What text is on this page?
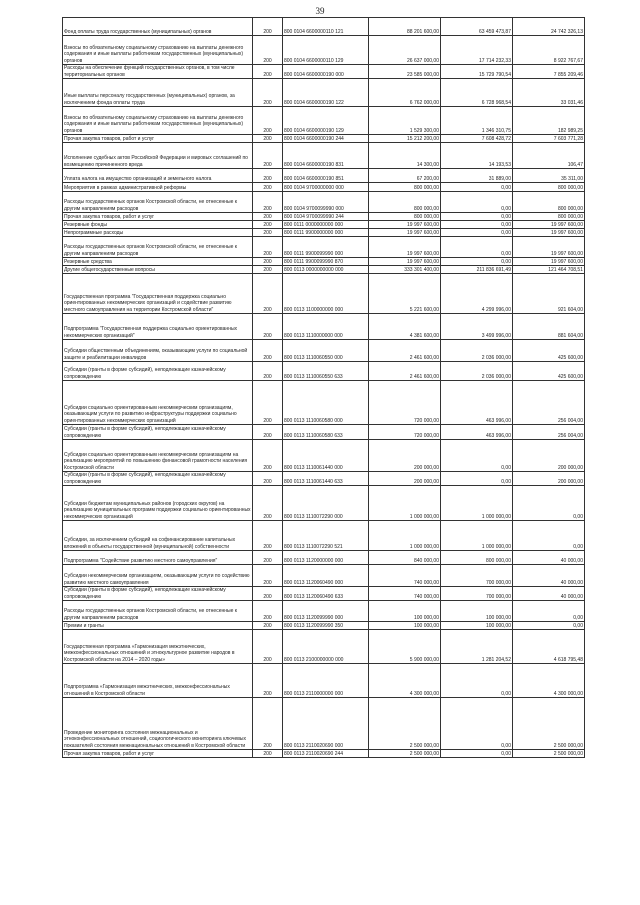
39
Фонд оплаты труда государственных (муниципальных) органов	200	800 0104 6600000110 121	88 201 600,00	63 459 473,87	24 742 326,13
Взносы по обязательному социальному страхованию на выплаты денежного содержания и иные выплаты работникам государственных (муниципальных) органов	200	800 0104 6600000110 129	26 637 000,00	17 714 232,33	8 922 767,67
Расходы на обеспечение функций государственных органов, в том числе территориальных органов	200	800 0104 6600000190 000	23 585 000,00	15 729 790,54	7 855 209,46
Иные выплаты персоналу государственных (муниципальных) органов, за исключением фонда оплаты труда	200	800 0104 6600000190 122	6 762 000,00	6 728 968,54	33 031,46
Взносы по обязательному социальному страхованию на выплаты денежного содержания и иные выплаты работникам государственных (муниципальных) органов	200	800 0104 6600000190 129	1 529 300,00	1 346 310,75	182 989,25
Прочая закупка товаров, работ и услуг	200	800 0104 6600000190 244	15 212 200,00	7 608 428,72	7 603 771,28
Исполнение судебных актов Российской Федерации и мировых соглашений по возмещению причиненного вреда	200	800 0104 6600000190 831	14 300,00	14 193,53	106,47
Уплата налога на имущество организаций и земельного налога	200	800 0104 6600000190 851	67 200,00	31 889,00	35 311,00
Мероприятия в рамках административной реформы	200	800 0104 9700000000 000	800 000,00	0,00	800 000,00
Расходы государственных органов Костромской области, не отнесенные к другим направлениям расходов	200	800 0104 9700099990 000	800 000,00	0,00	800 000,00
Прочая закупка товаров, работ и услуг	200	800 0104 9700099990 244	800 000,00	0,00	800 000,00
Резервные фонды	200	800 0111 0000000000 000	19 997 600,00	0,00	19 997 600,00
Непрограммные расходы	200	800 0111 9900000000 000	19 997 600,00	0,00	19 997 600,00
Расходы государственных органов Костромской области, не отнесенные к другим направлениям расходов	200	800 0111 9900099990 000	19 997 600,00	0,00	19 997 600,00
Резервные средства	200	800 0111 9900099990 870	19 997 600,00	0,00	19 997 600,00
Другие общегосударственные вопросы	200	800 0113 0000000000 000	333 301 400,00	211 836 691,49	121 464 708,51
Государственная программа "Государственная поддержка социально ориентированных некоммерческих организаций и содействие развитию местного самоуправления на территории Костромской области"	200	800 0113 1100000000 000	5 221 600,00	4 299 996,00	921 604,00
Подпрограмма "Государственная поддержка социально ориентированных некоммерческих организаций"	200	800 0113 1110000000 000	4 381 600,00	3 499 996,00	881 604,00
Субсидии общественным объединениям, оказывающим услуги по социальной защите и реабилитации инвалидов	200	800 0113 1110060550 000	2 461 600,00	2 036 000,00	425 600,00
Субсидии (гранты в форме субсидий), неподлежащие казначейскому сопровождению	200	800 0113 1110060550 633	2 461 600,00	2 036 000,00	425 600,00
Субсидии социально ориентированным некоммерческим организациям, оказывающим услуги по развитию инфраструктуры поддержки социально ориентированных некоммерческих организаций	200	800 0113 1110060580 000	720 000,00	463 996,00	256 004,00
Субсидии (гранты в форме субсидий), неподлежащие казначейскому сопровождению	200	800 0113 1110060580 633	720 000,00	463 996,00	256 004,00
Субсидии социально ориентированным некоммерческим организациям на реализацию мероприятий по повышению финансовой грамотности населения Костромской области	200	800 0113 1110061440 000	200 000,00	0,00	200 000,00
Субсидии (гранты в форме субсидий), неподлежащие казначейскому сопровождению	200	800 0113 1110061440 633	200 000,00	0,00	200 000,00
Субсидии бюджетам муниципальных районов (городских округов) на реализацию муниципальных программ поддержки социально ориентированных некоммерческих организаций	200	800 0113 1110072290 000	1 000 000,00	1 000 000,00	0,00
Субсидии, за исключением субсидий на софинансирование капитальных вложений в объекты государственной (муниципальной) собственности	200	800 0113 1110072290 521	1 000 000,00	1 000 000,00	0,00
Подпрограмма "Содействие развитию местного самоуправления"	200	800 0113 1120000000 000	840 000,00	800 000,00	40 000,00
Субсидии некоммерческим организациям, оказывающим услуги по содействию развитию местного самоуправления	200	800 0113 1120060490 000	740 000,00	700 000,00	40 000,00
Субсидии (гранты в форме субсидий), неподлежащие казначейскому сопровождению	200	800 0113 1120060490 633	740 000,00	700 000,00	40 000,00
Расходы государственных органов Костромской области, не отнесенные к другим направлениям расходов	200	800 0113 1120099990 000	100 000,00	100 000,00	0,00
Премии и гранты	200	800 0113 1120099990 350	100 000,00	100 000,00	0,00
Государственная программа «Гармонизация межэтнических, межконфессиональных отношений и этнокультурное развитие народов в Костромской области на 2014 – 2020 годы»	200	800 0113 2100000000 000	5 900 000,00	1 281 204,52	4 618 795,48
Подпрограмма «Гармонизация межэтнических, межконфессиональных отношений в Костромской области	200	800 0113 2110000000 000	4 300 000,00	0,00	4 300 000,00
Проведение мониторинга состояния межнациональных и этноконфессиональных отношений, социологического мониторинга ключевых показателей состояния межнациональных отношений в Костромской области	200	800 0113 2110020690 000	2 500 000,00	0,00	2 500 000,00
Прочая закупка товаров, работ и услуг	200	800 0113 2110020690 244	2 500 000,00	0,00	2 500 000,00
